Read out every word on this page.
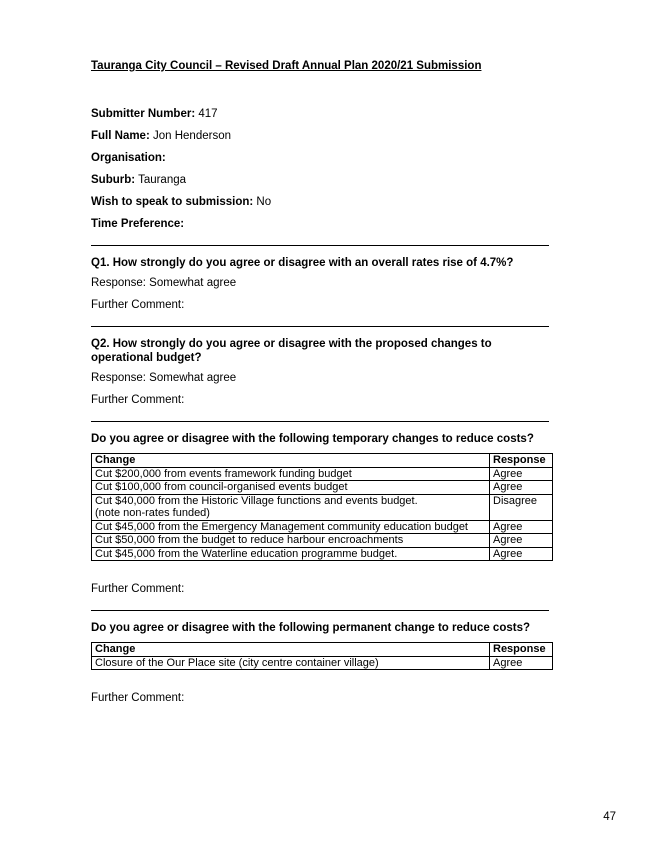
Tauranga City Council – Revised Draft Annual Plan 2020/21 Submission

Submitter Number: 417

Full Name: Jon Henderson

Organisation:

Suburb: Tauranga

Wish to speak to submission: No

Time Preference:

Q1. How strongly do you agree or disagree with an overall rates rise of 4.7%?

Response: Somewhat agree

Further Comment:

Q2. How strongly do you agree or disagree with the proposed changes to operational budget?

Response: Somewhat agree

Further Comment:

Do you agree or disagree with the following temporary changes to reduce costs?

Change	Response
Cut $200,000 from events framework funding budget	Agree
Cut $100,000 from council-organised events budget	Agree

Cut $40,000 from the Historic Village functions and events budget.
(note non-rates funded)	Disagree
Cut $45,000 from the Emergency Management community education budget	Agree
Cut $50,000 from the budget to reduce harbour encroachments	Agree
Cut $45,000 from the Waterline education programme budget.	Agree

Further Comment:

Do you agree or disagree with the following permanent change to reduce costs?

Change	Response
Closure of the Our Place site (city centre container village)	Agree

Further Comment:

47
